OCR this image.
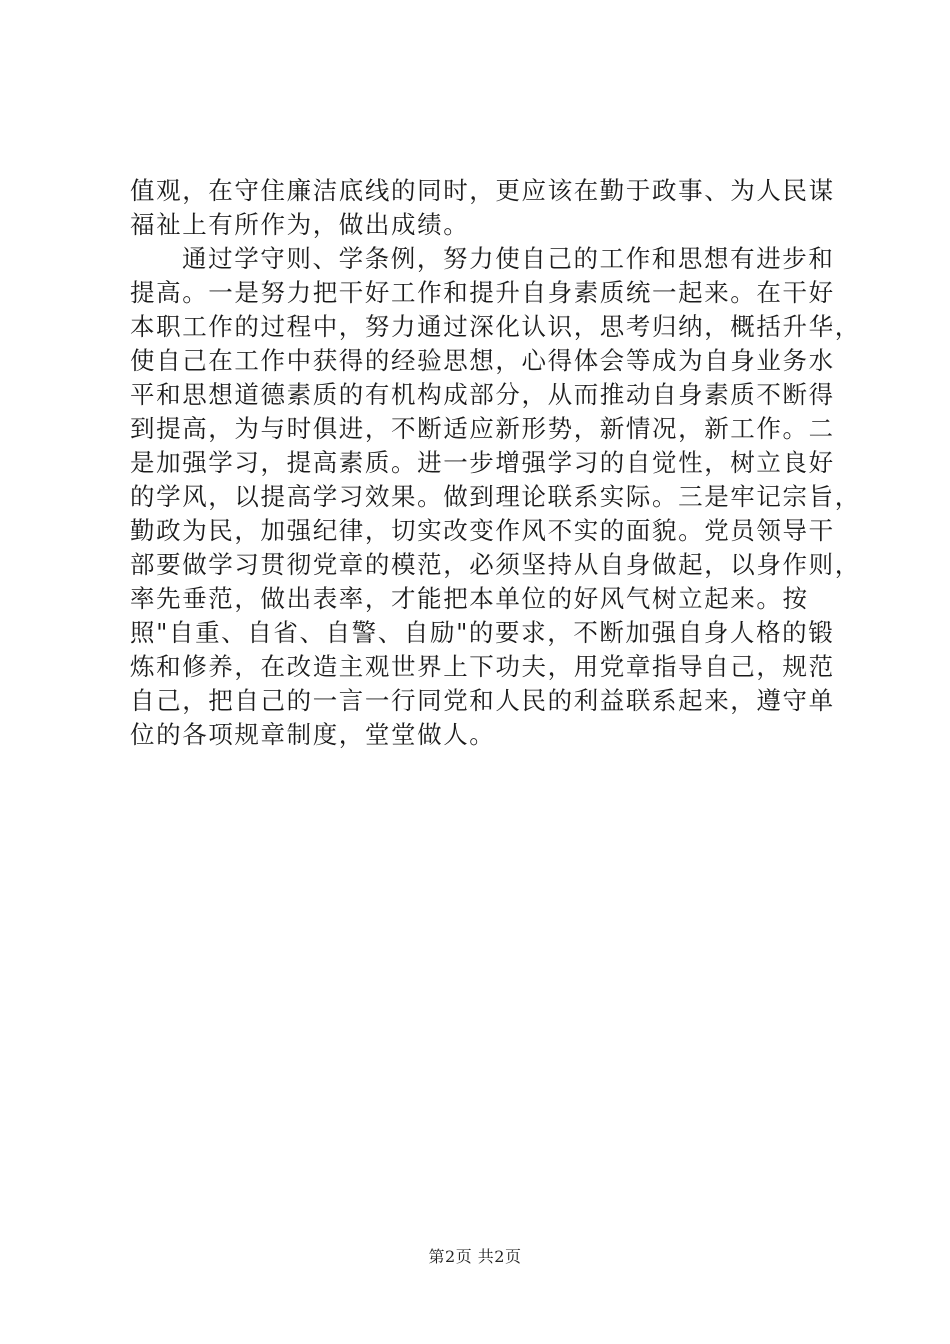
值观，在守住廉洁底线的同时，更应该在勤于政事、为人民谋
福祉上有所作为，做出成绩。
通过学守则、学条例，努力使自己的工作和思想有进步和
提高。一是努力把干好工作和提升自身素质统一起来。在干好
本职工作的过程中，努力通过深化认识，思考归纳，概括升华，
使自己在工作中获得的经验思想，心得体会等成为自身业务水
平和思想道德素质的有机构成部分，从而推动自身素质不断得
到提高，为与时俱进，不断适应新形势，新情况，新工作。二
是加强学习，提高素质。进一步增强学习的自觉性，树立良好
的学风，以提高学习效果。做到理论联系实际。三是牢记宗旨，
勤政为民，加强纪律，切实改变作风不实的面貌。党员领导干
部要做学习贯彻党章的模范，必须坚持从自身做起，以身作则，
率先垂范，做出表率，才能把本单位的好风气树立起来。按
照"自重、自省、自警、自励"的要求，不断加强自身人格的锻
炼和修养，在改造主观世界上下功夫，用党章指导自己，规范
自己，把自己的一言一行同党和人民的利益联系起来，遵守单
位的各项规章制度，堂堂做人。
第2页 共2页
